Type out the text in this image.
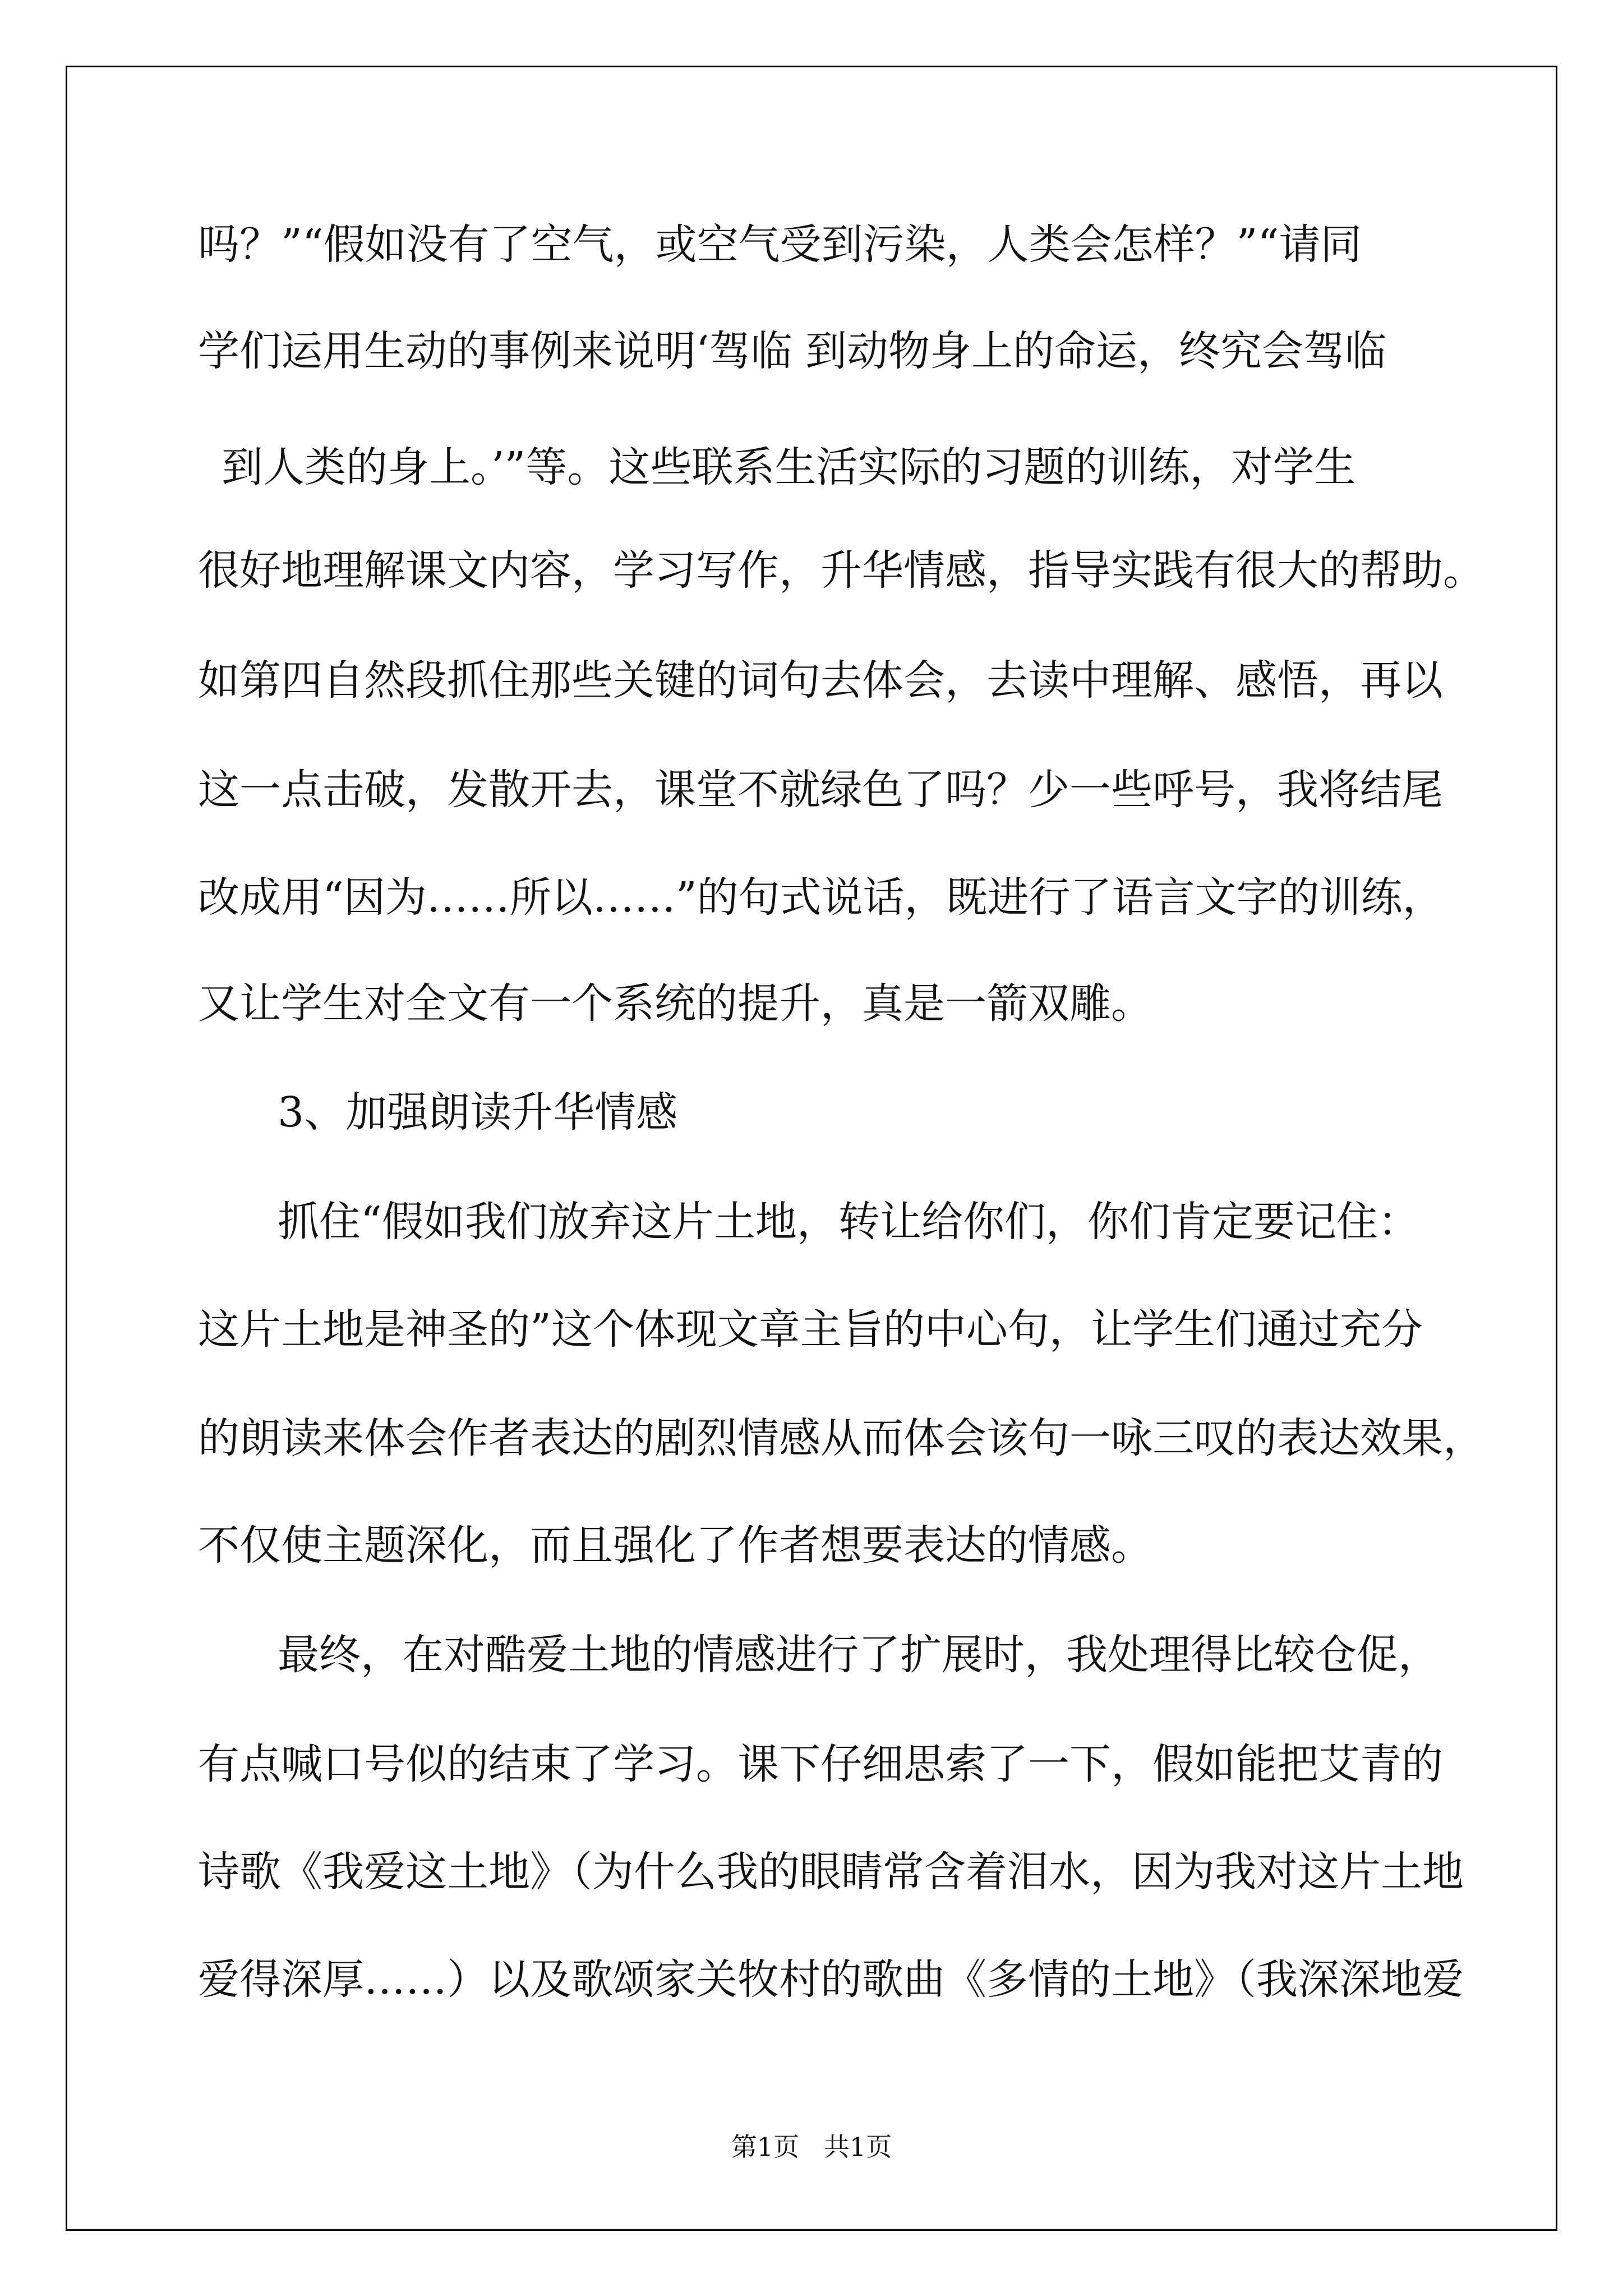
吗？”“假如没有了空气，或空气受到污染，人类会怎样？”“请同
学们运用生动的事例来说明‘驾临 到动物身上的命运，终究会驾临
到人类的身上。’”等。这些联系生活实际的习题的训练，对学生
很好地理解课文内容，学习写作，升华情感，指导实践有很大的帮助。
如第四自然段抓住那些关键的词句去体会，去读中理解、感悟，再以
这一点击破，发散开去，课堂不就绿色了吗？少一些呼号，我将结尾
改成用“因为……所以……”的句式说话，既进行了语言文字的训练，
又让学生对全文有一个系统的提升，真是一箭双雕。
3、加强朗读升华情感
抓住“假如我们放弃这片土地，转让给你们，你们肯定要记住：
这片土地是神圣的”这个体现文章主旨的中心句，让学生们通过充分
的朗读来体会作者表达的剧烈情感从而体会该句一咏三叹的表达效果，
不仅使主题深化，而且强化了作者想要表达的情感。
最终，在对酷爱土地的情感进行了扩展时，我处理得比较仓促，
有点喊口号似的结束了学习。课下仔细思索了一下，假如能把艾青的
诗歌《我爱这土地》（为什么我的眼睛常含着泪水，因为我对这片土地
爱得深厚……）以及歌颂家关牧村的歌曲《多情的土地》（我深深地爱
第1页   共1页
